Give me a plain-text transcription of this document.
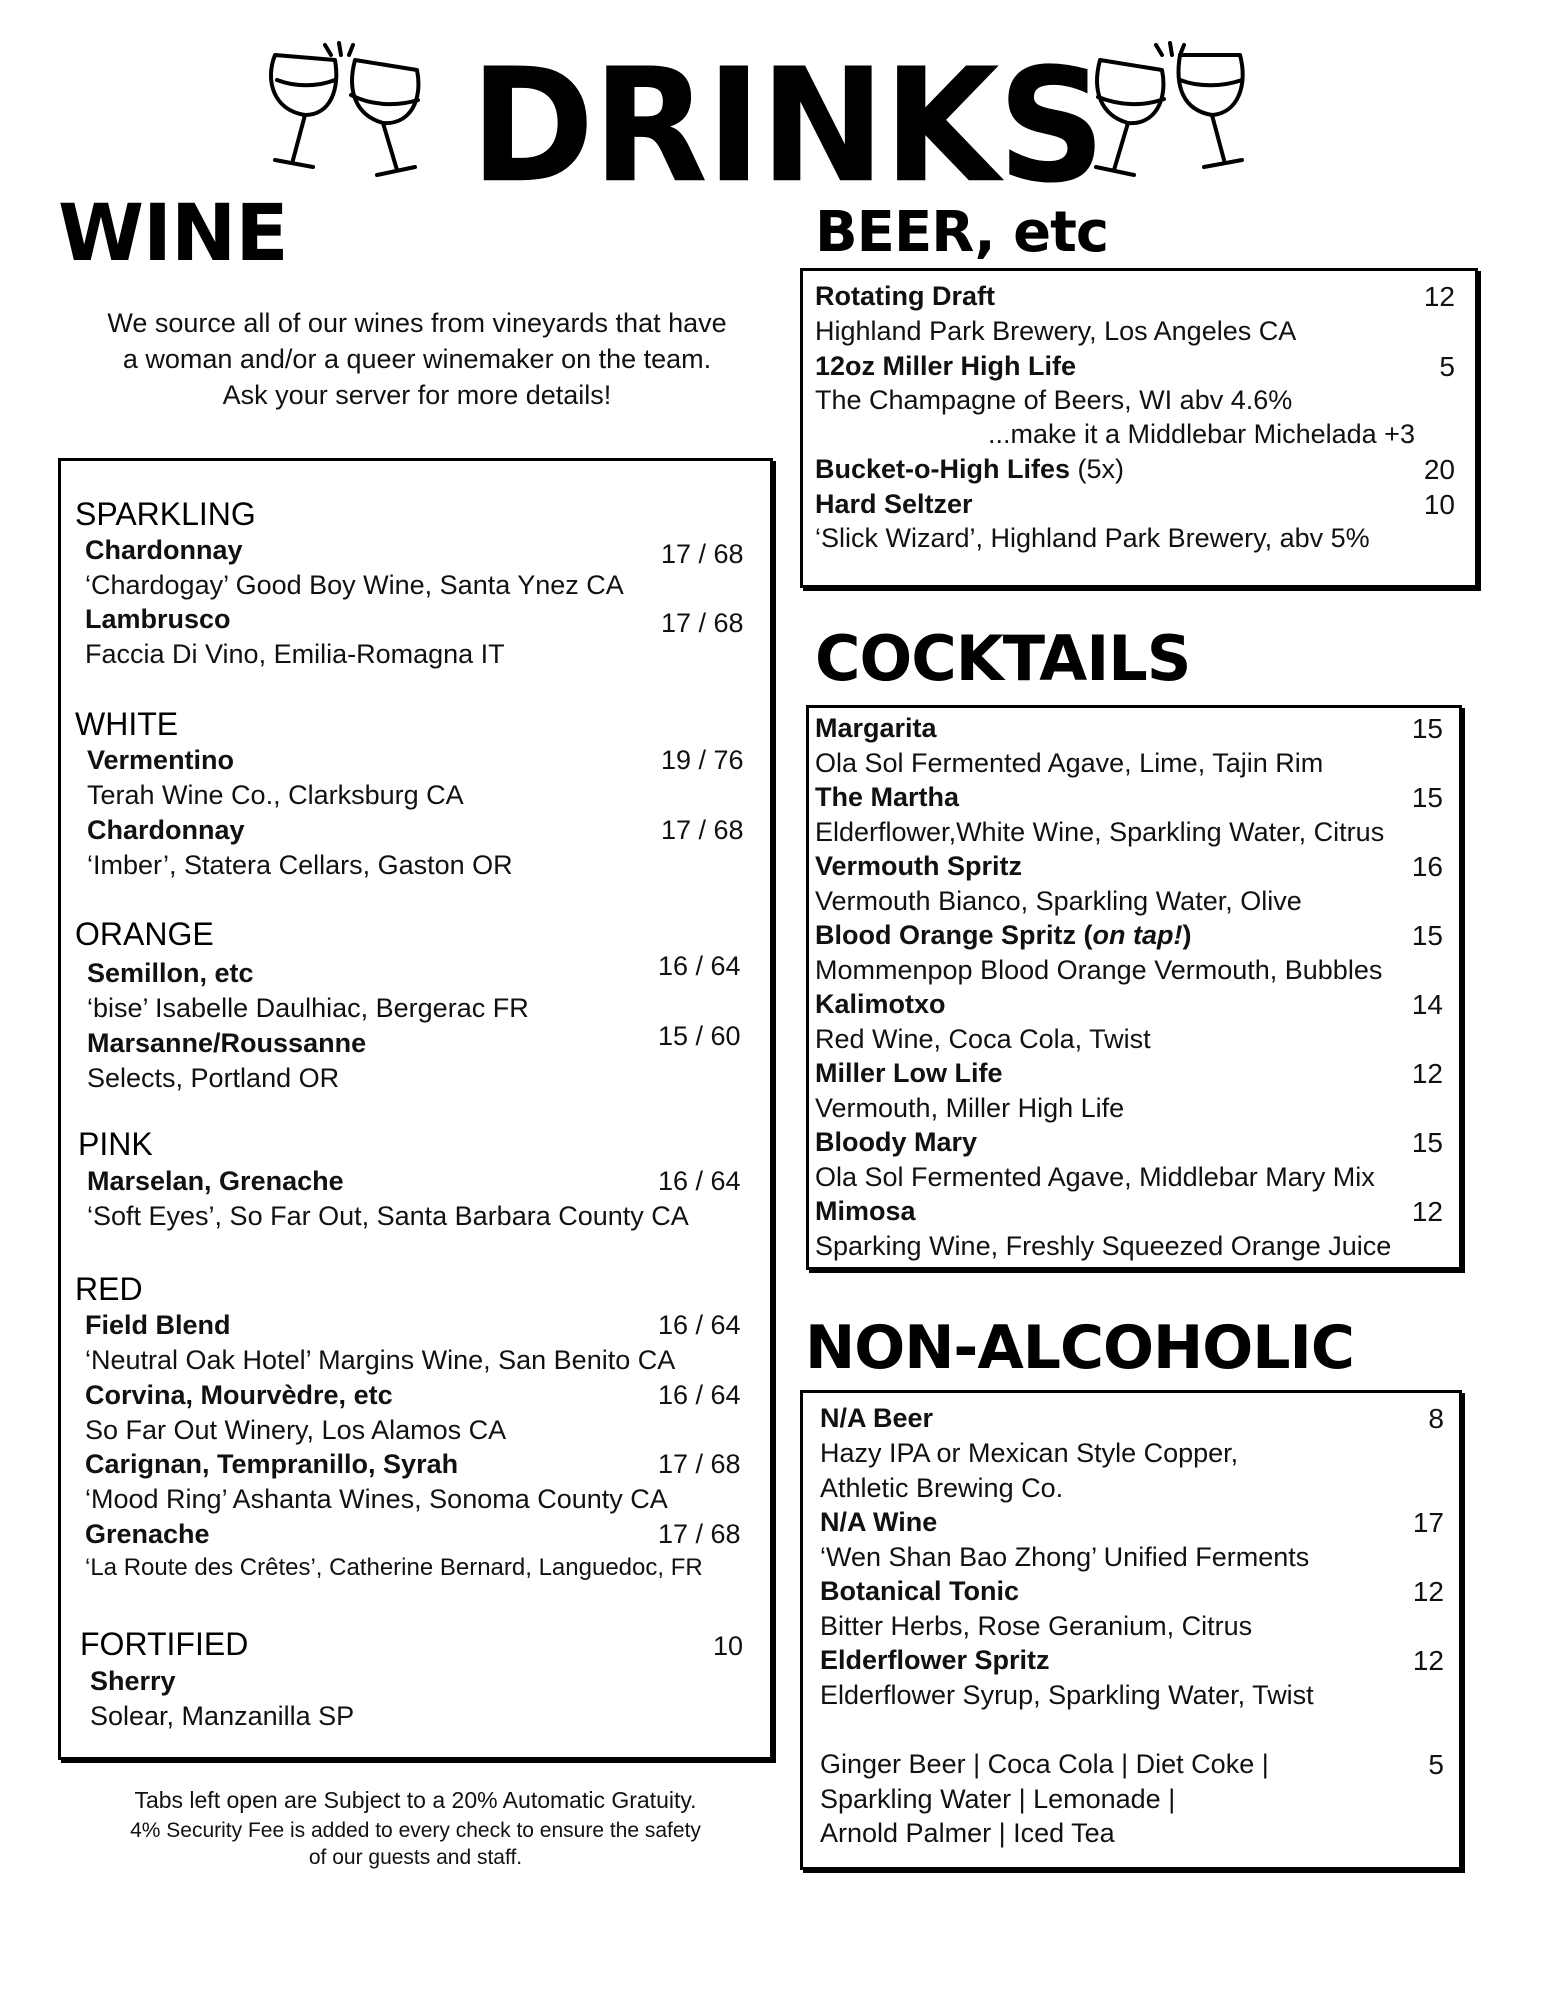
DRINKS
WINE
We source all of our wines from vineyards that have
a woman and/or a queer winemaker on the team.
Ask your server for more details!
SPARKLING
Chardonnay	17 / 68
‘Chardogay’ Good Boy Wine, Santa Ynez CA
Lambrusco	17 / 68
Faccia Di Vino, Emilia-Romagna IT
WHITE
Vermentino	19 / 76
Terah Wine Co., Clarksburg CA
Chardonnay	17 / 68
‘Imber’, Statera Cellars, Gaston OR
ORANGE
Semillon, etc	16 / 64
‘bise’ Isabelle Daulhiac, Bergerac FR
Marsanne/Roussanne	15 / 60
Selects, Portland OR
PINK
Marselan, Grenache	16 / 64
‘Soft Eyes’, So Far Out, Santa Barbara County CA
RED
Field Blend	16 / 64
‘Neutral Oak Hotel’ Margins Wine, San Benito CA
Corvina, Mourvèdre, etc	16 / 64
So Far Out Winery, Los Alamos CA
Carignan, Tempranillo, Syrah	17 / 68
‘Mood Ring’ Ashanta Wines, Sonoma County CA
Grenache	17 / 68
‘La Route des Crêtes’, Catherine Bernard, Languedoc, FR
FORTIFIED	10
Sherry
Solear, Manzanilla SP
Tabs left open are Subject to a 20% Automatic Gratuity.
4% Security Fee is added to every check to ensure the safety
of our guests and staff.
BEER, etc
Rotating Draft	12
Highland Park Brewery, Los Angeles CA
12oz Miller High Life	5
The Champagne of Beers, WI abv 4.6%
...make it a Middlebar Michelada +3
Bucket-o-High Lifes (5x)	20
Hard Seltzer	10
‘Slick Wizard’, Highland Park Brewery, abv 5%
COCKTAILS
Margarita	15
Ola Sol Fermented Agave, Lime, Tajin Rim
The Martha	15
Elderflower,White Wine, Sparkling Water, Citrus
Vermouth Spritz	16
Vermouth Bianco, Sparkling Water, Olive
Blood Orange Spritz (on tap!)	15
Mommenpop Blood Orange Vermouth, Bubbles
Kalimotxo	14
Red Wine, Coca Cola, Twist
Miller Low Life	12
Vermouth, Miller High Life
Bloody Mary	15
Ola Sol Fermented Agave, Middlebar Mary Mix
Mimosa	12
Sparking Wine, Freshly Squeezed Orange Juice
NON-ALCOHOLIC
N/A Beer	8
Hazy IPA or Mexican Style Copper,
Athletic Brewing Co.
N/A Wine	17
‘Wen Shan Bao Zhong’ Unified Ferments
Botanical Tonic	12
Bitter Herbs, Rose Geranium, Citrus
Elderflower Spritz	12
Elderflower Syrup, Sparkling Water, Twist
Ginger Beer | Coca Cola | Diet Coke |	5
Sparkling Water | Lemonade |
Arnold Palmer | Iced Tea
